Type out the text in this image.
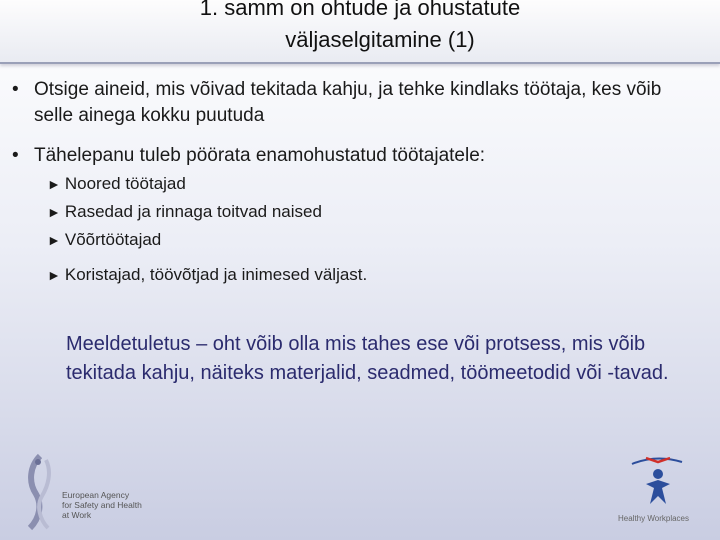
1. samm on ohtude ja ohustatute
väljaselgitamine (1)
• Otsige aineid, mis võivad tekitada kahju, ja tehke kindlaks töötaja, kes võib selle ainega kokku puutuda
• Tähelepanu tuleb pöörata enamohustatud töötajatele:
► Noored töötajad
► Rasedad ja rinnaga toitvad naised
► Võõrtöötajad
► Koristajad, töövõtjad ja inimesed väljast.
Meeldetuletus – oht võib olla mis tahes ese või protsess, mis võib tekitada kahju, näiteks materjalid, seadmed, töömeetodid või -tavad.
European Agency
for Safety and Health
at Work	Healthy Workplaces
